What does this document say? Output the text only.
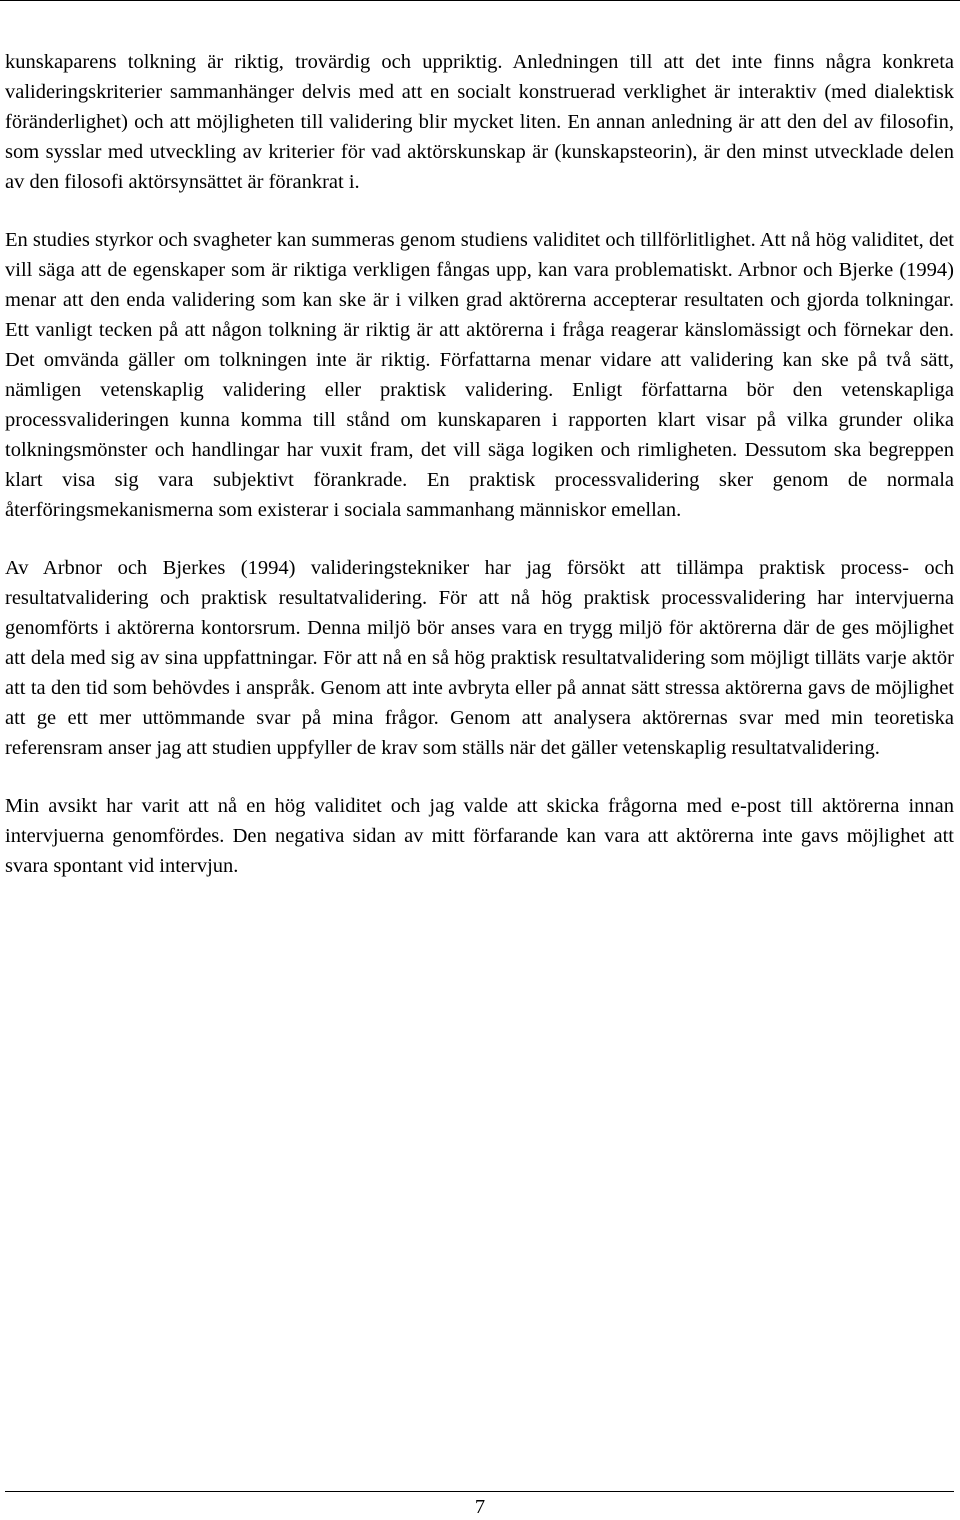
kunskaparens tolkning är riktig, trovärdig och uppriktig. Anledningen till att det inte finns några konkreta valideringskriterier sammanhänger delvis med att en socialt konstruerad verklighet är interaktiv (med dialektisk föränderlighet) och att möjligheten till validering blir mycket liten. En annan anledning är att den del av filosofin, som sysslar med utveckling av kriterier för vad aktörskunskap är (kunskapsteorin), är den minst utvecklade delen av den filosofi aktörsynsättet är förankrat i.

En studies styrkor och svagheter kan summeras genom studiens validitet och tillförlitlighet. Att nå hög validitet, det vill säga att de egenskaper som är riktiga verkligen fångas upp, kan vara problematiskt. Arbnor och Bjerke (1994) menar att den enda validering som kan ske är i vilken grad aktörerna accepterar resultaten och gjorda tolkningar. Ett vanligt tecken på att någon tolkning är riktig är att aktörerna i fråga reagerar känslomässigt och förnekar den. Det omvända gäller om tolkningen inte är riktig. Författarna menar vidare att validering kan ske på två sätt, nämligen vetenskaplig validering eller praktisk validering. Enligt författarna bör den vetenskapliga processvalideringen kunna komma till stånd om kunskaparen i rapporten klart visar på vilka grunder olika tolkningsmönster och handlingar har vuxit fram, det vill säga logiken och rimligheten. Dessutom ska begreppen klart visa sig vara subjektivt förankrade. En praktisk processvalidering sker genom de normala återföringsmekanismerna som existerar i sociala sammanhang människor emellan.

Av Arbnor och Bjerkes (1994) valideringstekniker har jag försökt att tillämpa praktisk process- och resultatvalidering och praktisk resultatvalidering. För att nå hög praktisk processvalidering har intervjuerna genomförts i aktörerna kontorsrum. Denna miljö bör anses vara en trygg miljö för aktörerna där de ges möjlighet att dela med sig av sina uppfattningar. För att nå en så hög praktisk resultatvalidering som möjligt tilläts varje aktör att ta den tid som behövdes i anspråk. Genom att inte avbryta eller på annat sätt stressa aktörerna gavs de möjlighet att ge ett mer uttömmande svar på mina frågor. Genom att analysera aktörernas svar med min teoretiska referensram anser jag att studien uppfyller de krav som ställs när det gäller vetenskaplig resultatvalidering.

Min avsikt har varit att nå en hög validitet och jag valde att skicka frågorna med e-post till aktörerna innan intervjuerna genomfördes. Den negativa sidan av mitt förfarande kan vara att aktörerna inte gavs möjlighet att svara spontant vid intervjun.

7
